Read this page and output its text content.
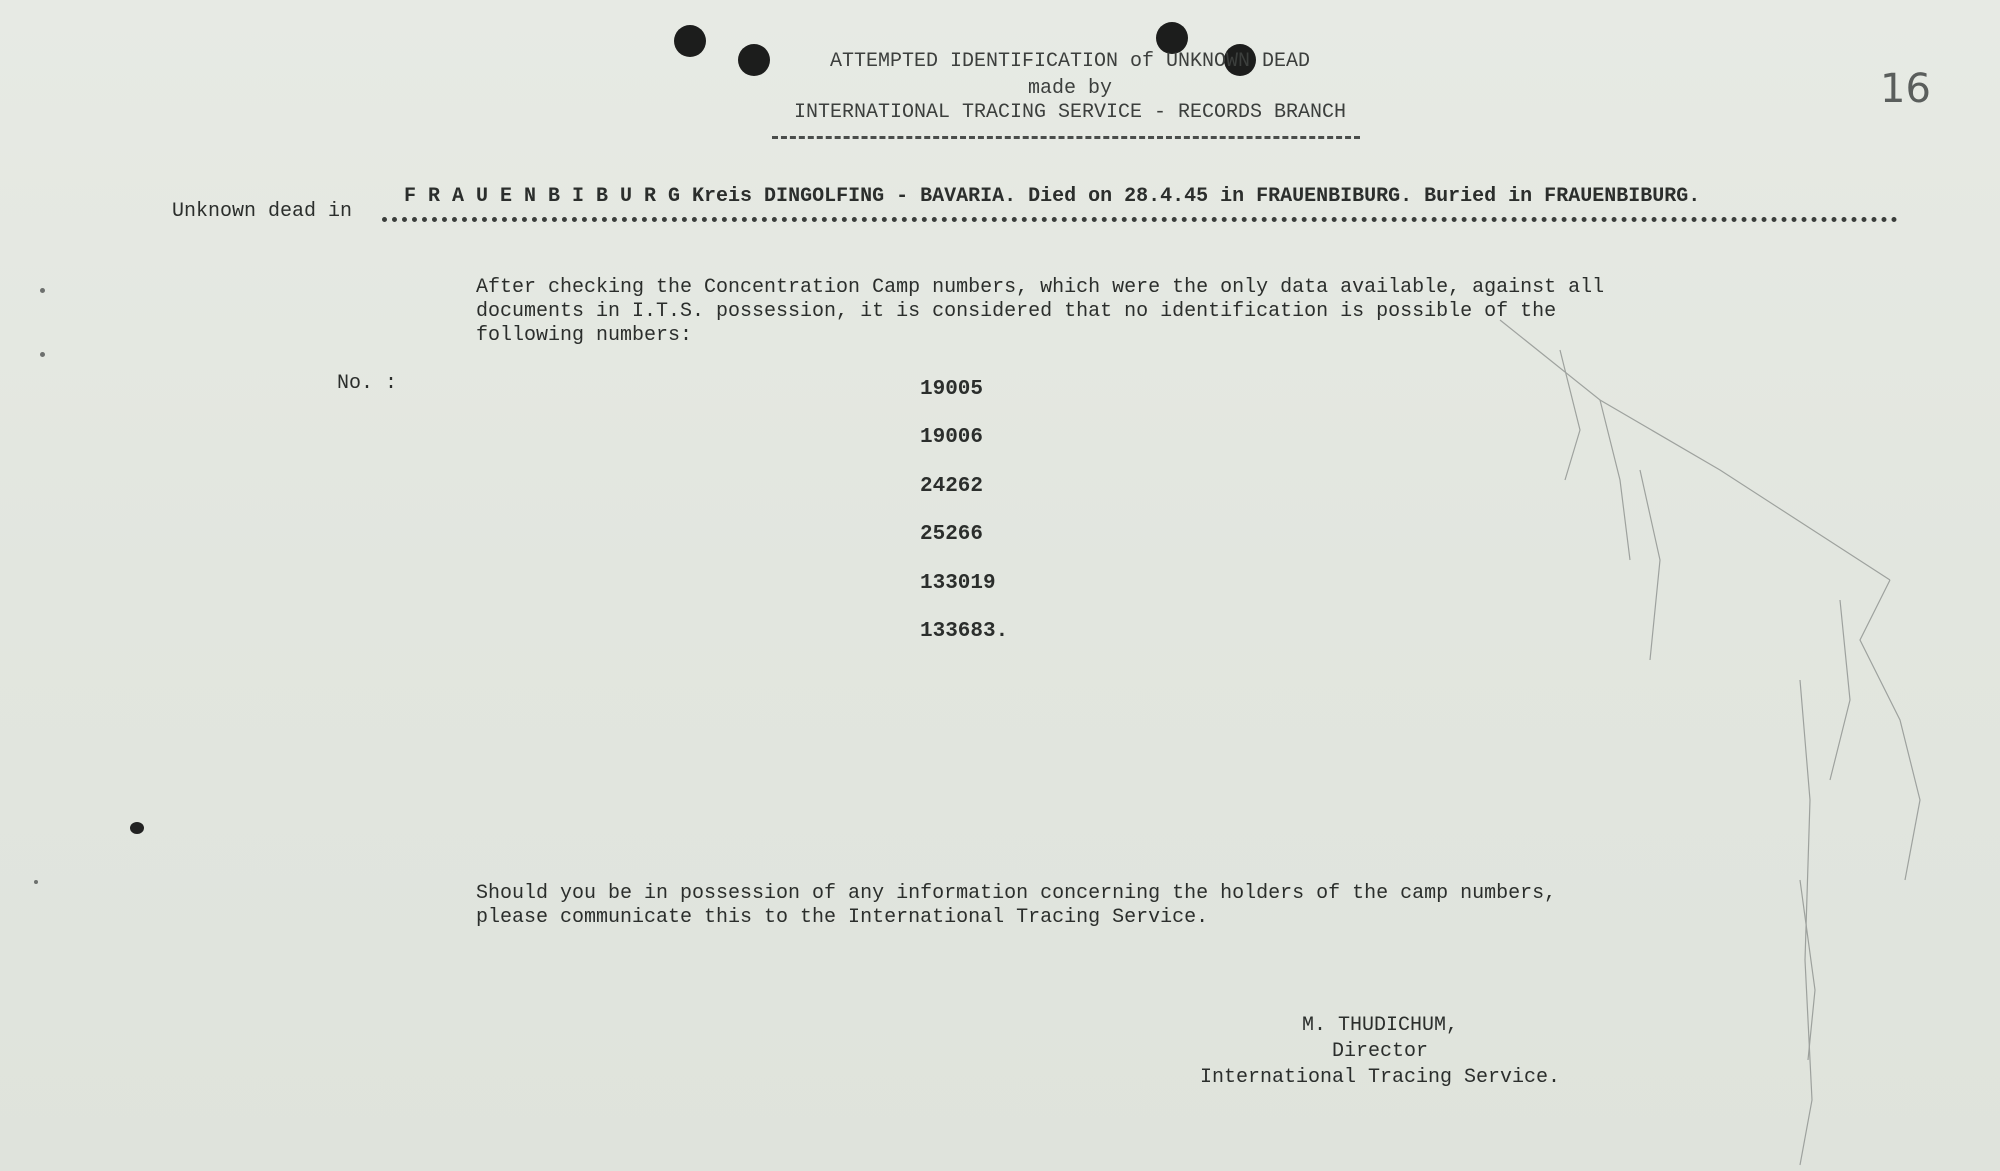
16
ATTEMPTED IDENTIFICATION of UNKNOWN DEAD
made by
INTERNATIONAL TRACING SERVICE - RECORDS BRANCH
Unknown dead in
F R A U E N B I B U R G Kreis DINGOLFING - BAVARIA. Died on 28.4.45 in FRAUENBIBURG. Buried in FRAUENBIBURG.
After checking the Concentration Camp numbers, which were the only data available, against all
documents in I.T.S. possession, it is considered that no identification is possible of the
following numbers:
No. :	19005
19006
24262
25266
133019
133683.
Should you be in possession of any information concerning the holders of the camp numbers,
please communicate this to the International Tracing Service.
M. THUDICHUM,
Director
International Tracing Service.
